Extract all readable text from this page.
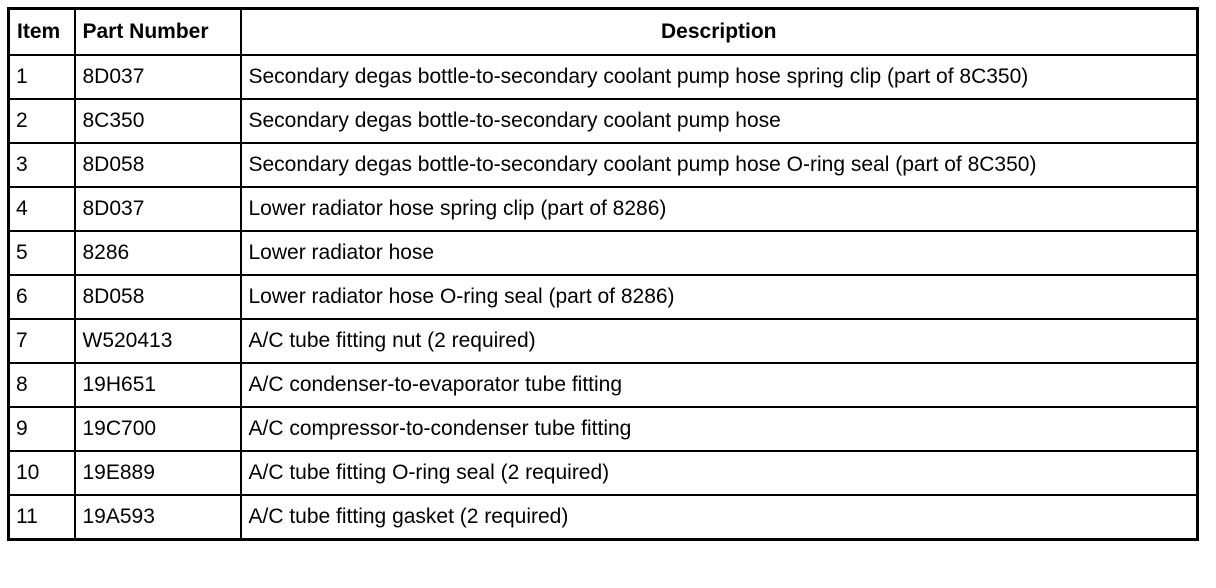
Item	Part Number	Description
1	8D037	Secondary degas bottle-to-secondary coolant pump hose spring clip (part of 8C350)
2	8C350	Secondary degas bottle-to-secondary coolant pump hose
3	8D058	Secondary degas bottle-to-secondary coolant pump hose O-ring seal (part of 8C350)
4	8D037	Lower radiator hose spring clip (part of 8286)
5	8286	Lower radiator hose
6	8D058	Lower radiator hose O-ring seal (part of 8286)
7	W520413	A/C tube fitting nut (2 required)
8	19H651	A/C condenser-to-evaporator tube fitting
9	19C700	A/C compressor-to-condenser tube fitting
10	19E889	A/C tube fitting O-ring seal (2 required)
11	19A593	A/C tube fitting gasket (2 required)
